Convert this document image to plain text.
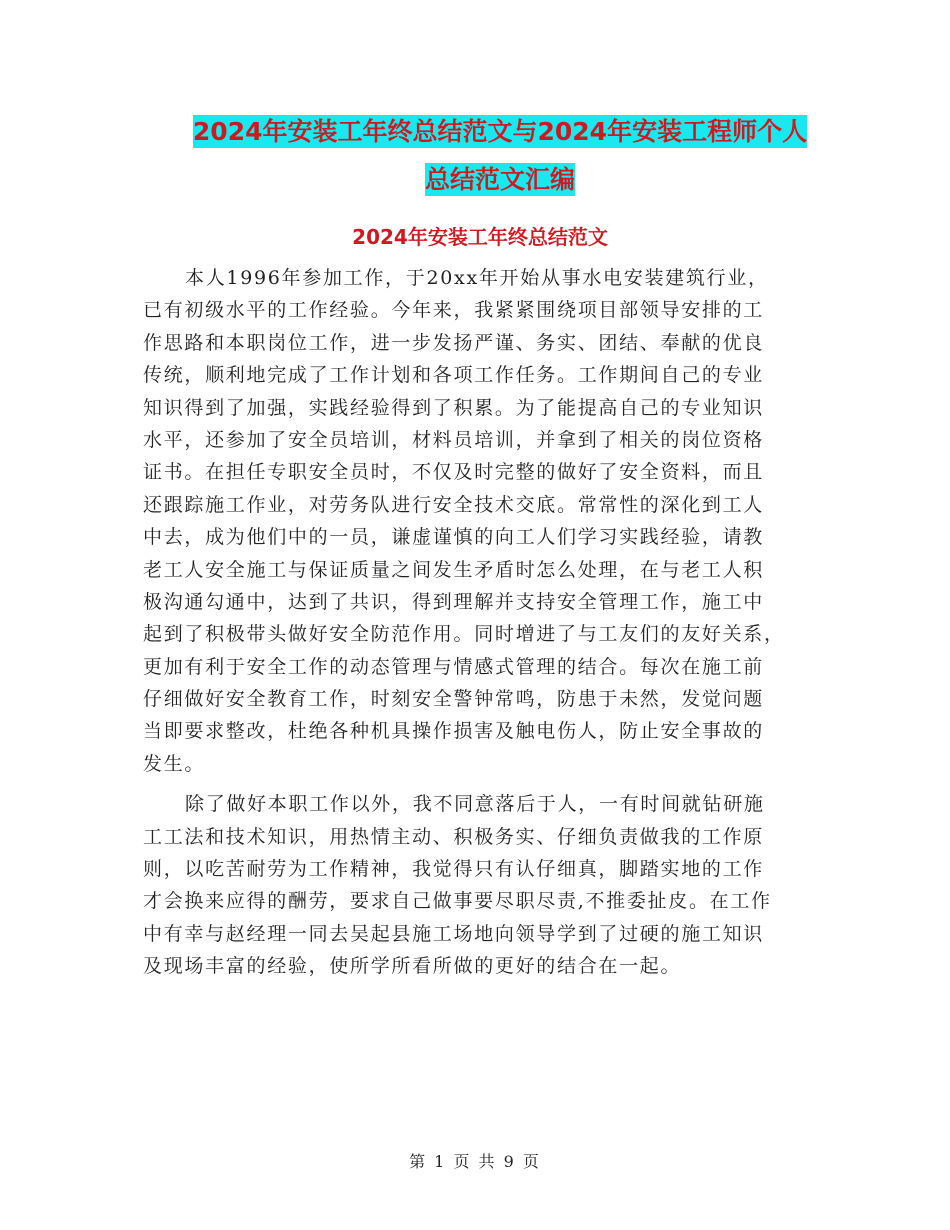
2024年安装工年终总结范文与2024年安装工程师个人
总结范文汇编
2024年安装工年终总结范文
本人1996年参加工作，于20xx年开始从事水电安装建筑行业，
已有初级水平的工作经验。今年来，我紧紧围绕项目部领导安排的工
作思路和本职岗位工作，进一步发扬严谨、务实、团结、奉献的优良
传统，顺利地完成了工作计划和各项工作任务。工作期间自己的专业
知识得到了加强，实践经验得到了积累。为了能提高自己的专业知识
水平，还参加了安全员培训，材料员培训，并拿到了相关的岗位资格
证书。在担任专职安全员时，不仅及时完整的做好了安全资料，而且
还跟踪施工作业，对劳务队进行安全技术交底。常常性的深化到工人
中去，成为他们中的一员，谦虚谨慎的向工人们学习实践经验，请教
老工人安全施工与保证质量之间发生矛盾时怎么处理，在与老工人积
极沟通勾通中，达到了共识，得到理解并支持安全管理工作，施工中
起到了积极带头做好安全防范作用。同时增进了与工友们的友好关系，
更加有利于安全工作的动态管理与情感式管理的结合。每次在施工前
仔细做好安全教育工作，时刻安全警钟常鸣，防患于未然，发觉问题
当即要求整改，杜绝各种机具操作损害及触电伤人，防止安全事故的
发生。
除了做好本职工作以外，我不同意落后于人，一有时间就钻研施
工工法和技术知识，用热情主动、积极务实、仔细负责做我的工作原
则，以吃苦耐劳为工作精神，我觉得只有认仔细真，脚踏实地的工作
才会换来应得的酬劳，要求自己做事要尽职尽责,不推委扯皮。在工作
中有幸与赵经理一同去吴起县施工场地向领导学到了过硬的施工知识
及现场丰富的经验，使所学所看所做的更好的结合在一起。
第 1 页 共 9 页
